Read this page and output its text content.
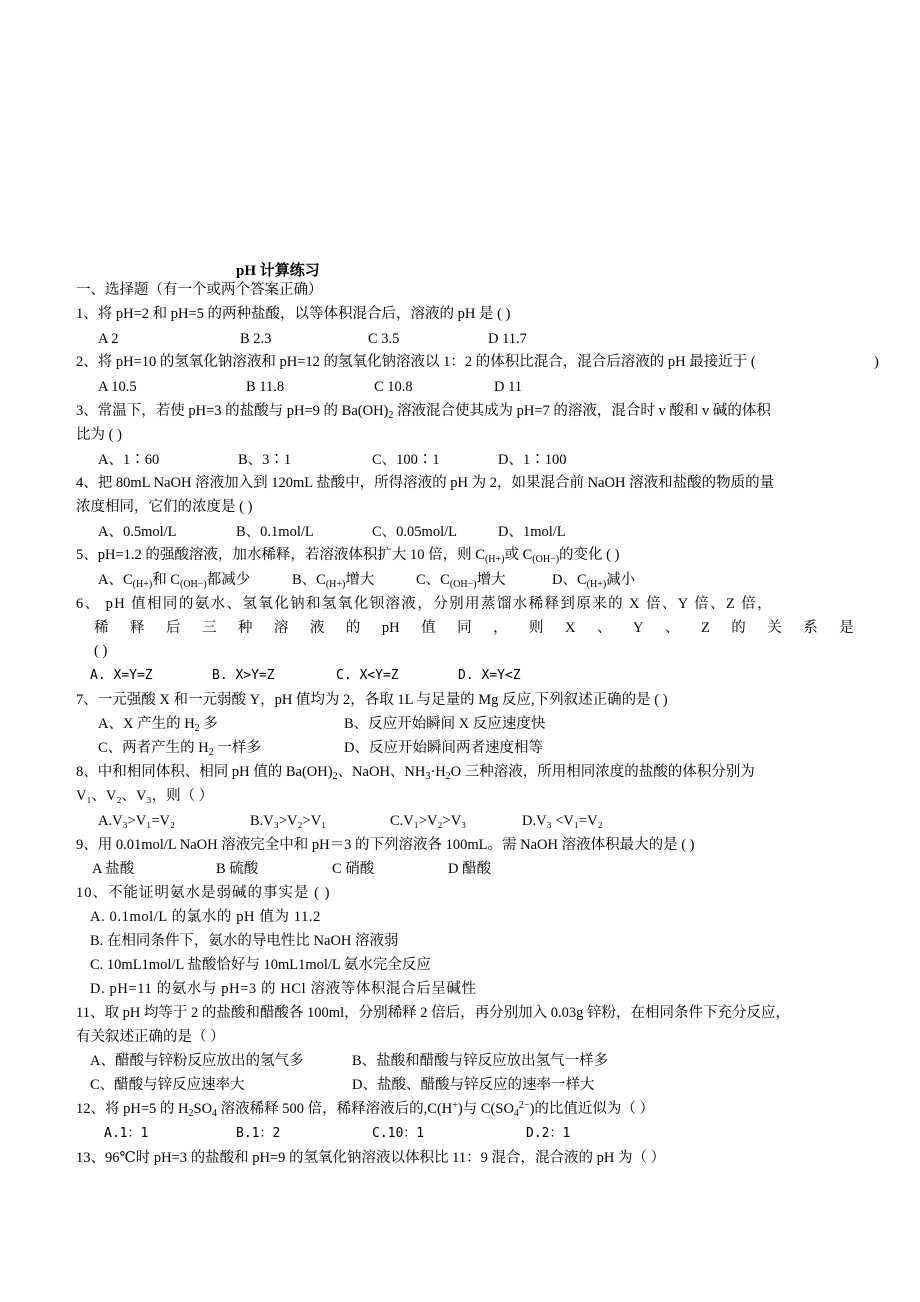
pH 计算练习
一、选择题（有一个或两个答案正确）
1、将 pH=2 和 pH=5 的两种盐酸，以等体积混合后，溶液的 pH 是 ( )
A 2	B 2.3	C 3.5	D 11.7
2、将 pH=10 的氢氧化钠溶液和 pH=12 的氢氧化钠溶液以 1：2 的体积比混合，混合后溶液的 pH 最接近于 (	)
A 10.5	B 11.8	C 10.8	D 11
3、常温下，若使 pH=3 的盐酸与 pH=9 的 $Ba(OH)_2$ 溶液混合使其成为 pH=7 的溶液，混合时 v 酸和 v 碱的体积
比为 ( )
A、1∶60	B、3∶1	C、100∶1	D、1∶100
4、把 80mL NaOH 溶液加入到 120mL 盐酸中，所得溶液的 pH 为 2，如果混合前 NaOH 溶液和盐酸的物质的量
浓度相同，它们的浓度是 ( )
A、0.5mol/L	B、0.1mol/L	C、0.05mol/L	D、1mol/L
5、pH=1.2 的强酸溶液，加水稀释，若溶液体积扩大 10 倍，则 $C_{(H+)}$或 $C_{(OH-)}$的变化 ( )
A、$C_{(H+)}$和 $C_{(OH-)}$都减少	B、$C_{(H+)}$增大	C、$C_{(OH-)}$增大	D、$C_{(H+)}$减小
6、 pH 值相同的氨水、氢氧化钠和氢氧化钡溶液，分别用蒸馏水稀释到原来的 X 倍、Y 倍、Z 倍，
稀 释 后 三 种 溶 液 的 pH 值 同 ， 则 X 、 Y 、 Z 的 关 系 是
( )
A. X=Y=Z	B. X>Y=Z	C. X<Y=Z	D. X=Y<Z
7、一元强酸 X 和一元弱酸 Y，pH 值均为 2，各取 1L 与足量的 Mg 反应,下列叙述正确的是 ( )
A、X 产生的 $H_2$ 多	B、反应开始瞬间 X 反应速度快
C、两者产生的 $H_2$ 一样多	D、反应开始瞬间两者速度相等
8、中和相同体积、相同 pH 值的 $Ba(OH)_2$、NaOH、$NH_3\cdot H_2O$ 三种溶液，所用相同浓度的盐酸的体积分别为
V₁、V₂、V₃，则（ ）
A.V₃>V₁=V₂	B.V₃>V₂>V₁	C.V₁>V₂>V₃	D.V₃ <V₁=V₂
9、用 0.01mol/L NaOH 溶液完全中和 pH＝3 的下列溶液各 100mL。需 NaOH 溶液体积最大的是 ( )
A 盐酸	B 硫酸	C 硝酸	D 醋酸
10、不能证明氨水是弱碱的事实是 ( )
A. 0.1mol/L 的氯水的 pH 值为 11.2
B. 在相同条件下，氨水的导电性比 NaOH 溶液弱
C. 10mL1mol/L 盐酸恰好与 10mL1mol/L 氨水完全反应
D. pH=11 的氨水与 pH=3 的 HCl 溶液等体积混合后呈碱性
11、取 pH 均等于 2 的盐酸和醋酸各 100ml，分别稀释 2 倍后，再分别加入 0.03g 锌粉，在相同条件下充分反应，
有关叙述正确的是（ ）
A、醋酸与锌粉反应放出的氢气多	B、盐酸和醋酸与锌反应放出氢气一样多
C、醋酸与锌反应速率大	D、盐酸、醋酸与锌反应的速率一样大
12、将 pH=5 的 $H_2SO_4$ 溶液稀释 500 倍，稀释溶液后的,C(H+)与 $C(SO_4^{2-})$的比值近似为（ ）
A.1：1	B.1：2	C.10：1	D.2：1
13、96℃时 pH=3 的盐酸和 pH=9 的氢氧化钠溶液以体积比 11：9 混合，混合液的 pH 为（ ）
